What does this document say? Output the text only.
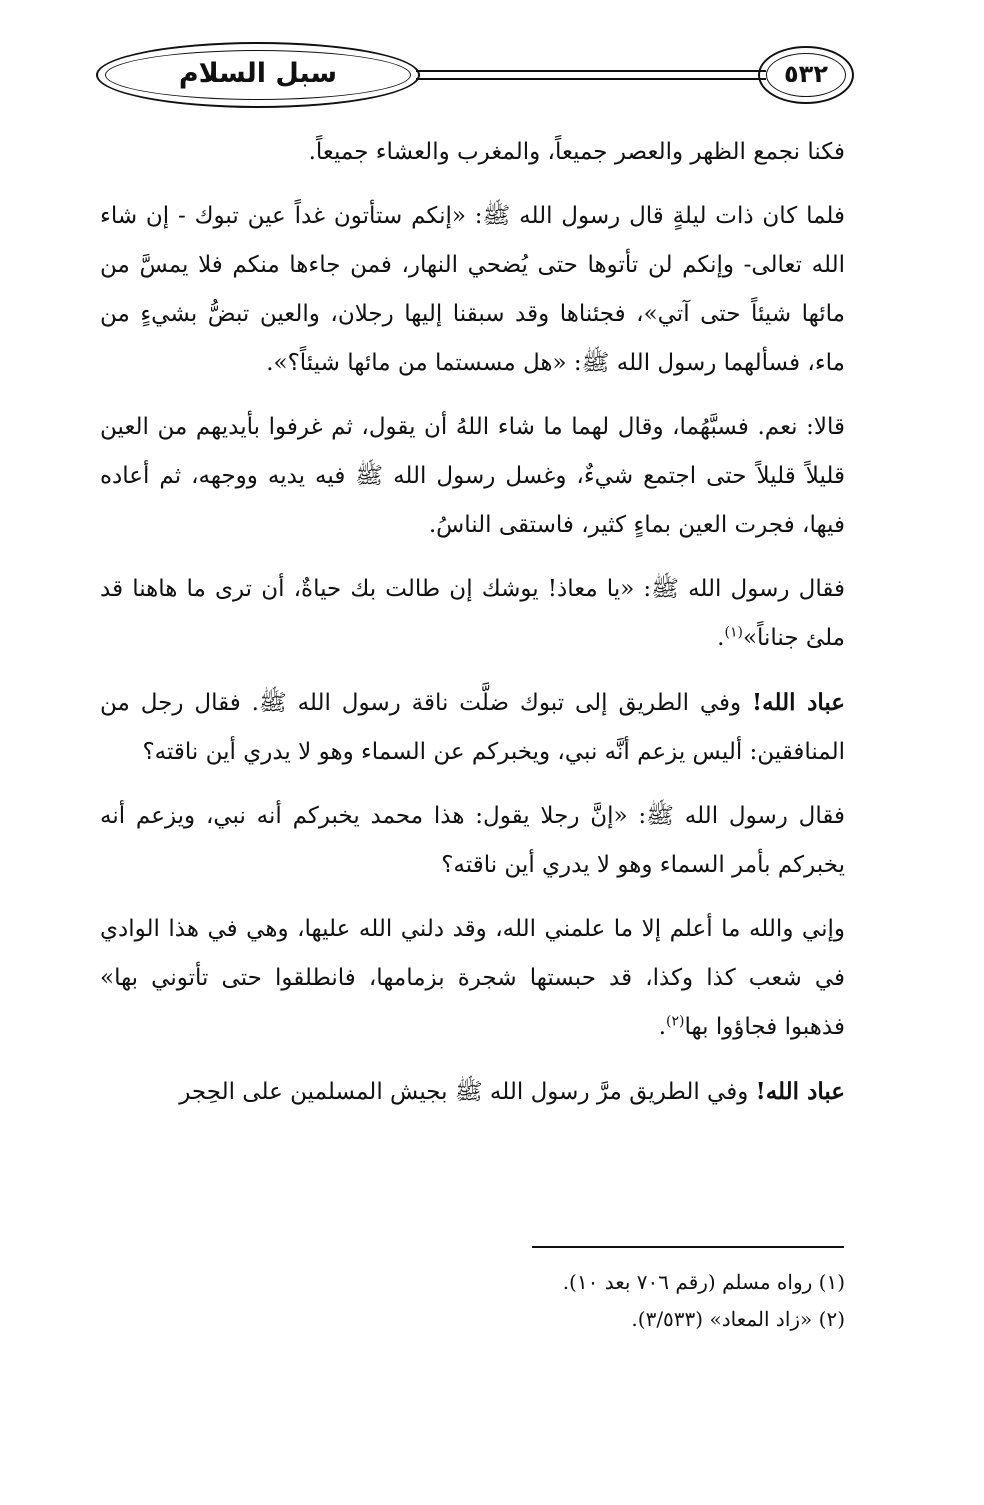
سبل السلام	٥٣٢

فكنا نجمع الظهر والعصر جميعاً، والمغرب والعشاء جميعاً.

فلما كان ذات ليلةٍ قال رسول الله ﷺ: «إنكم ستأتون غداً عين تبوك - إن شاء الله تعالى- وإنكم لن تأتوها حتى يُضحي النهار، فمن جاءها منكم فلا يمسَّ من مائها شيئاً حتى آتي»، فجئناها وقد سبقنا إليها رجلان، والعين تبضُّ بشيءٍ من ماء، فسألهما رسول الله ﷺ: «هل مسستما من مائها شيئاً؟».

قالا: نعم. فسبَّهُما، وقال لهما ما شاء اللهُ أن يقول، ثم غرفوا بأيديهم من العين قليلاً قليلاً حتى اجتمع شيءٌ، وغسل رسول الله ﷺ فيه يديه ووجهه، ثم أعاده فيها، فجرت العين بماءٍ كثير، فاستقى الناسُ.

فقال رسول الله ﷺ: «يا معاذ! يوشك إن طالت بك حياةٌ، أن ترى ما هاهنا قد ملئ جناناً»$^{(١)}$.

عباد الله! وفي الطريق إلى تبوك ضلَّت ناقة رسول الله ﷺ. فقال رجل من المنافقين: أليس يزعم أنَّه نبي، ويخبركم عن السماء وهو لا يدري أين ناقته؟

فقال رسول الله ﷺ: «إنَّ رجلا يقول: هذا محمد يخبركم أنه نبي، ويزعم أنه يخبركم بأمر السماء وهو لا يدري أين ناقته؟

وإني والله ما أعلم إلا ما علمني الله، وقد دلني الله عليها، وهي في هذا الوادي في شعب كذا وكذا، قد حبستها شجرة بزمامها، فانطلقوا حتى تأتوني بها» فذهبوا فجاؤوا بها$^{(٢)}$.

عباد الله! وفي الطريق مرَّ رسول الله ﷺ بجيش المسلمين على الحِجر

(١) رواه مسلم (رقم ٧٠٦ بعد ١٠).

(٢) «زاد المعاد» (٣/٥٣٣).
